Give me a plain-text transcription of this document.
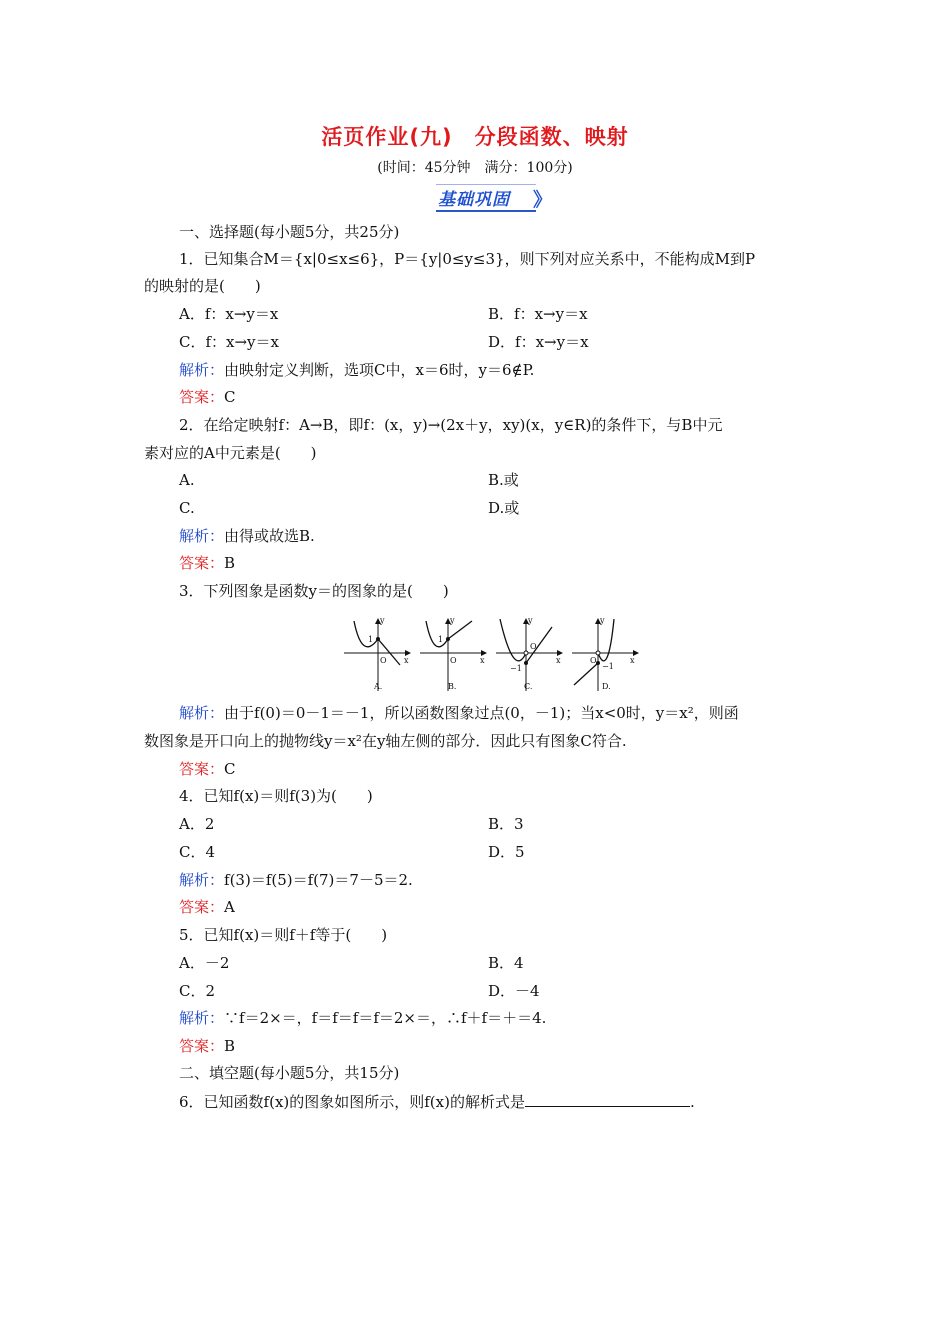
活页作业(九)　分段函数、映射
(时间：45分钟　满分：100分)
基础巩固 》
一、选择题(每小题5分，共25分)
1．已知集合M＝{x|0≤x≤6}，P＝{y|0≤y≤3}，则下列对应关系中，不能构成M到P
的映射的是(　　)
A．f：x→y＝x	B．f：x→y＝x
C．f：x→y＝x	D．f：x→y＝x
解析：由映射定义判断，选项C中，x＝6时，y＝6∉P.
答案：C
2．在给定映射f：A→B，即f：(x，y)→(2x＋y，xy)(x，y∈R)的条件下，与B中元
素对应的A中元素是(　　)
A.	B.或
C.	D.或
解析：由得或故选B.
答案：B
3．下列图象是函数y＝的图象的是(　　)
y
x
O
1
A.
y
x
O
1
B.
y
x
O
−1
C.
y
x
O
−1
D.
解析：由于f(0)＝0－1＝－1，所以函数图象过点(0，－1)；当x<0时，y＝x²，则函
数图象是开口向上的抛物线y＝x²在y轴左侧的部分．因此只有图象C符合.
答案：C
4．已知f(x)＝则f(3)为(　　)
A．2	B．3
C．4	D．5
解析：f(3)＝f(5)＝f(7)＝7－5＝2.
答案：A
5．已知f(x)＝则f＋f等于(　　)
A．－2	B．4
C．2	D．－4
解析：∵f＝2×＝，f＝f＝f＝f＝2×＝，∴f＋f＝＋＝4.
答案：B
二、填空题(每小题5分，共15分)
6．已知函数f(x)的图象如图所示，则f(x)的解析式是	.
